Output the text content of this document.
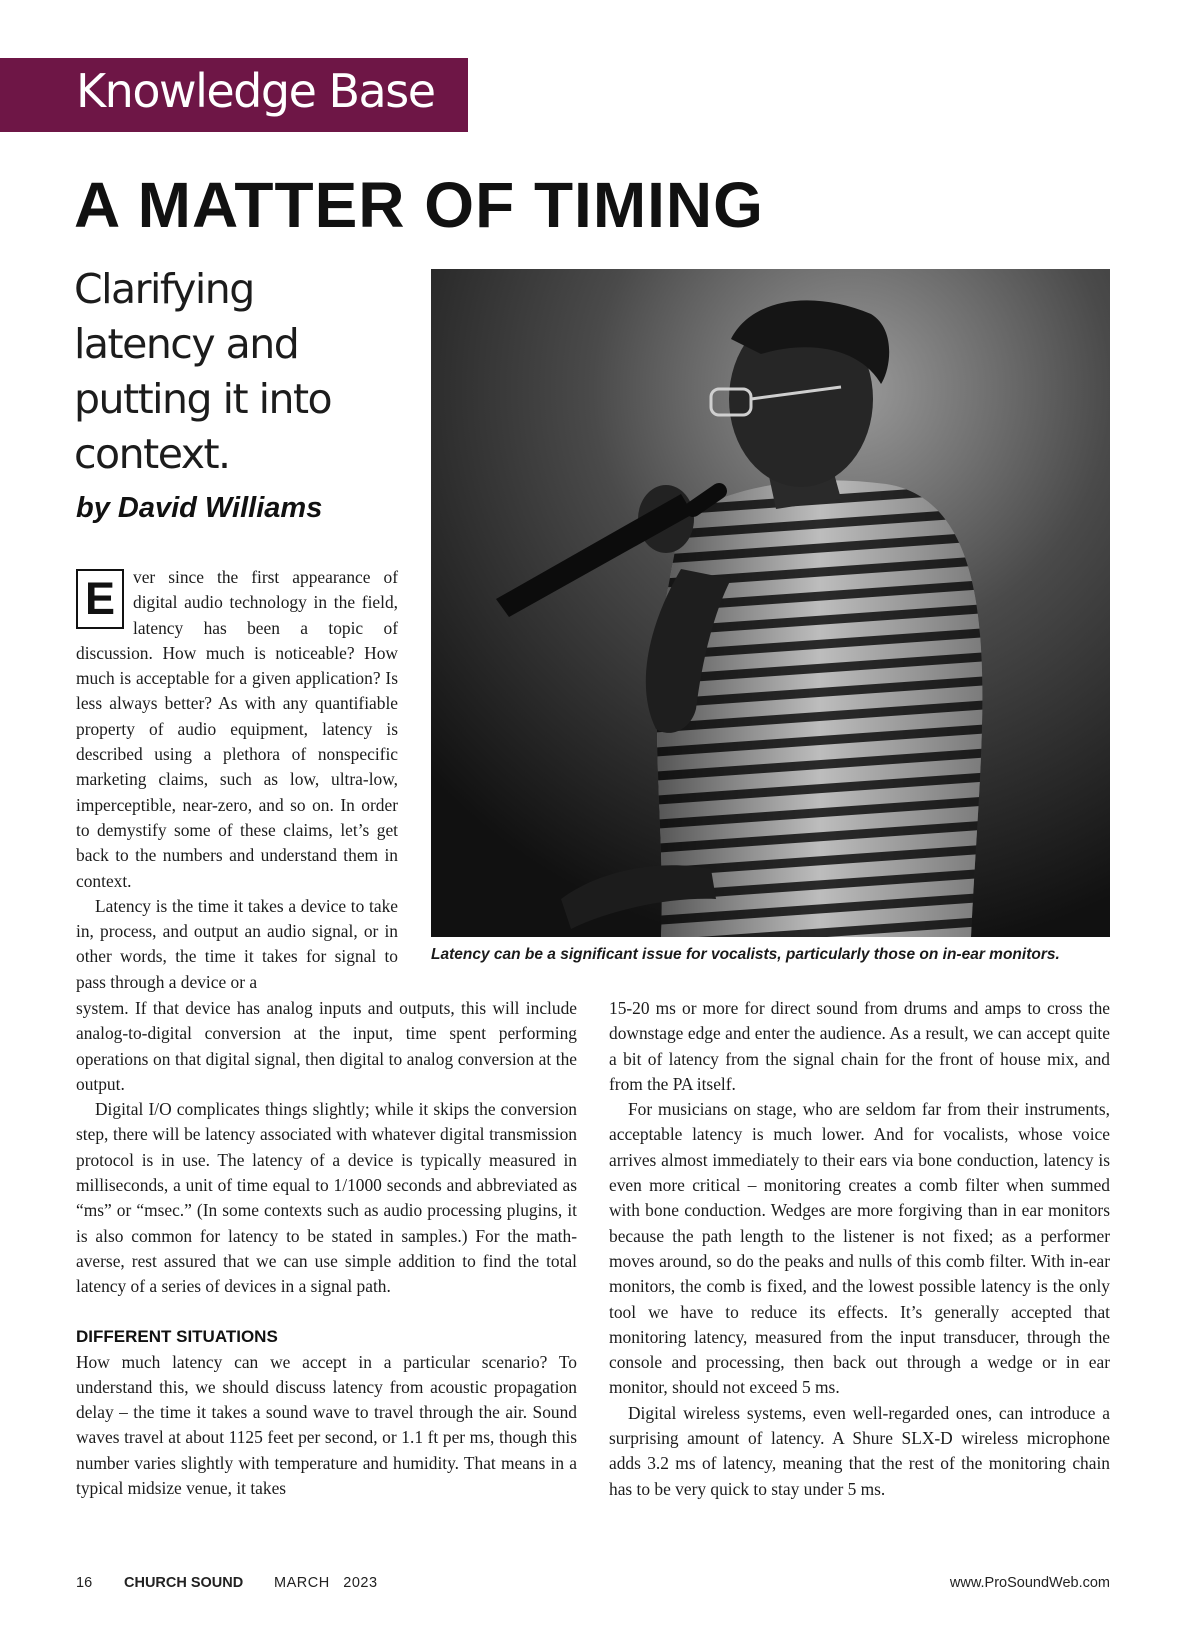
Knowledge Base
A MATTER OF TIMING
Clarifying latency and putting it into context.

by David Williams

Latency can be a significant issue for vocalists, particularly those on in-ear monitors.

E	ver since the first appearance of digital audio technology in the field, latency has been a topic of discussion. How much is noticeable? How much is acceptable for a given application? Is less always better? As with any quantifiable property of audio equipment, latency is described using a plethora of nonspecific marketing claims, such as low, ultra-low, imperceptible, near-zero, and so on. In order to demystify some of these claims, let’s get back to the numbers and understand them in context.

Latency is the time it takes a device to take in, process, and output an audio signal, or in other words, the time it takes for signal to pass through a device or a

system. If that device has analog inputs and outputs, this will include analog-to-digital conversion at the input, time spent performing operations on that digital signal, then digital to analog conversion at the output.

Digital I/O complicates things slightly; while it skips the conversion step, there will be latency associated with whatever digital transmission protocol is in use. The latency of a device is typically measured in milliseconds, a unit of time equal to 1/1000 seconds and abbreviated as “ms” or “msec.” (In some contexts such as audio processing plugins, it is also common for latency to be stated in samples.) For the math-averse, rest assured that we can use simple addition to find the total latency of a series of devices in a signal path.

DIFFERENT SITUATIONS

How much latency can we accept in a particular scenario? To understand this, we should discuss latency from acoustic propagation delay – the time it takes a sound wave to travel through the air. Sound waves travel at about 1125 feet per second, or 1.1 ft per ms, though this number varies slightly with temperature and humidity. That means in a typical midsize venue, it takes

15-20 ms or more for direct sound from drums and amps to cross the downstage edge and enter the audience. As a result, we can accept quite a bit of latency from the signal chain for the front of house mix, and from the PA itself.

For musicians on stage, who are seldom far from their instruments, acceptable latency is much lower. And for vocalists, whose voice arrives almost immediately to their ears via bone conduction, latency is even more critical – monitoring creates a comb filter when summed with bone conduction. Wedges are more forgiving than in ear monitors because the path length to the listener is not fixed; as a performer moves around, so do the peaks and nulls of this comb filter. With in-ear monitors, the comb is fixed, and the lowest possible latency is the only tool we have to reduce its effects. It’s generally accepted that monitoring latency, measured from the input transducer, through the console and processing, then back out through a wedge or in ear monitor, should not exceed 5 ms.

Digital wireless systems, even well-regarded ones, can introduce a surprising amount of latency. A Shure SLX-D wireless microphone adds 3.2 ms of latency, meaning that the rest of the monitoring chain has to be very quick to stay under 5 ms.

16 CHURCH SOUND MARCH   2023	www.ProSoundWeb.com
